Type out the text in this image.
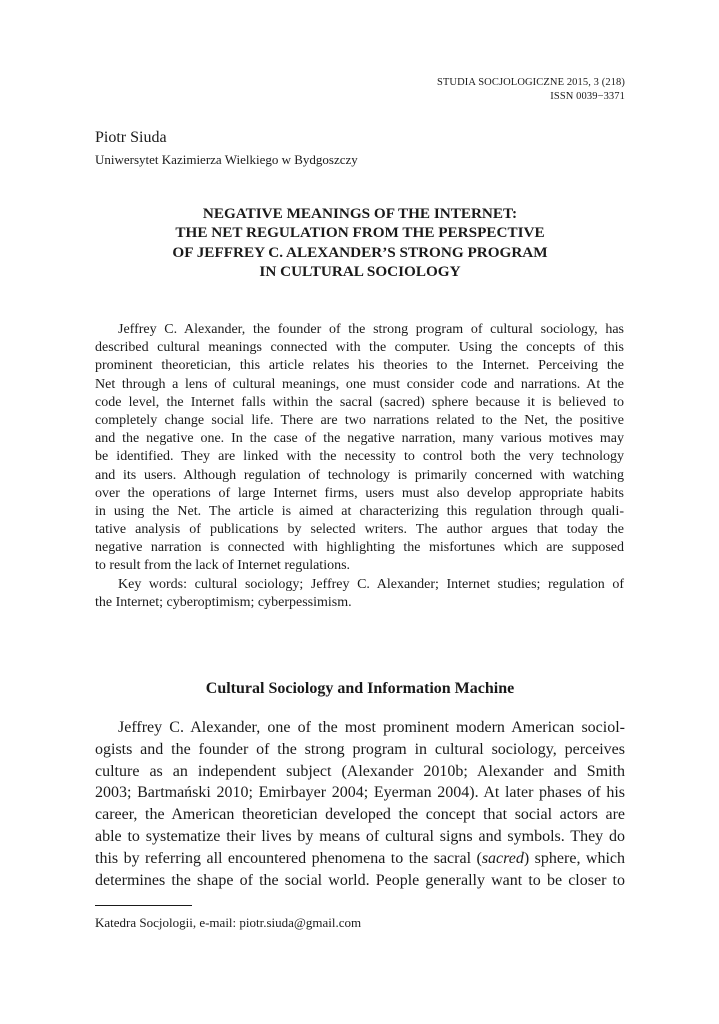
STUDIA SOCJOLOGICZNE 2015, 3 (218)
ISSN 0039−3371
Piotr Siuda
Uniwersytet Kazimierza Wielkiego w Bydgoszczy
NEGATIVE MEANINGS OF THE INTERNET:
THE NET REGULATION FROM THE PERSPECTIVE
OF JEFFREY C. ALEXANDER’S STRONG PROGRAM
IN CULTURAL SOCIOLOGY
Jeffrey C. Alexander, the founder of the strong program of cultural sociology, has
described cultural meanings connected with the computer. Using the concepts of this
prominent theoretician, this article relates his theories to the Internet. Perceiving the
Net through a lens of cultural meanings, one must consider code and narrations. At the
code level, the Internet falls within the sacral (sacred) sphere because it is believed to
completely change social life. There are two narrations related to the Net, the positive
and the negative one. In the case of the negative narration, many various motives may
be identified. They are linked with the necessity to control both the very technology
and its users. Although regulation of technology is primarily concerned with watching
over the operations of large Internet firms, users must also develop appropriate habits
in using the Net. The article is aimed at characterizing this regulation through quali-
tative analysis of publications by selected writers. The author argues that today the
negative narration is connected with highlighting the misfortunes which are supposed
to result from the lack of Internet regulations.
Key words: cultural sociology; Jeffrey C. Alexander; Internet studies; regulation of
the Internet; cyberoptimism; cyberpessimism.
Cultural Sociology and Information Machine
Jeffrey C. Alexander, one of the most prominent modern American sociol-
ogists and the founder of the strong program in cultural sociology, perceives
culture as an independent subject (Alexander 2010b; Alexander and Smith
2003; Bartmański 2010; Emirbayer 2004; Eyerman 2004). At later phases of his
career, the American theoretician developed the concept that social actors are
able to systematize their lives by means of cultural signs and symbols. They do
this by referring all encountered phenomena to the sacral (sacred) sphere, which
determines the shape of the social world. People generally want to be closer to
Katedra Socjologii, e-mail: piotr.siuda@gmail.com
